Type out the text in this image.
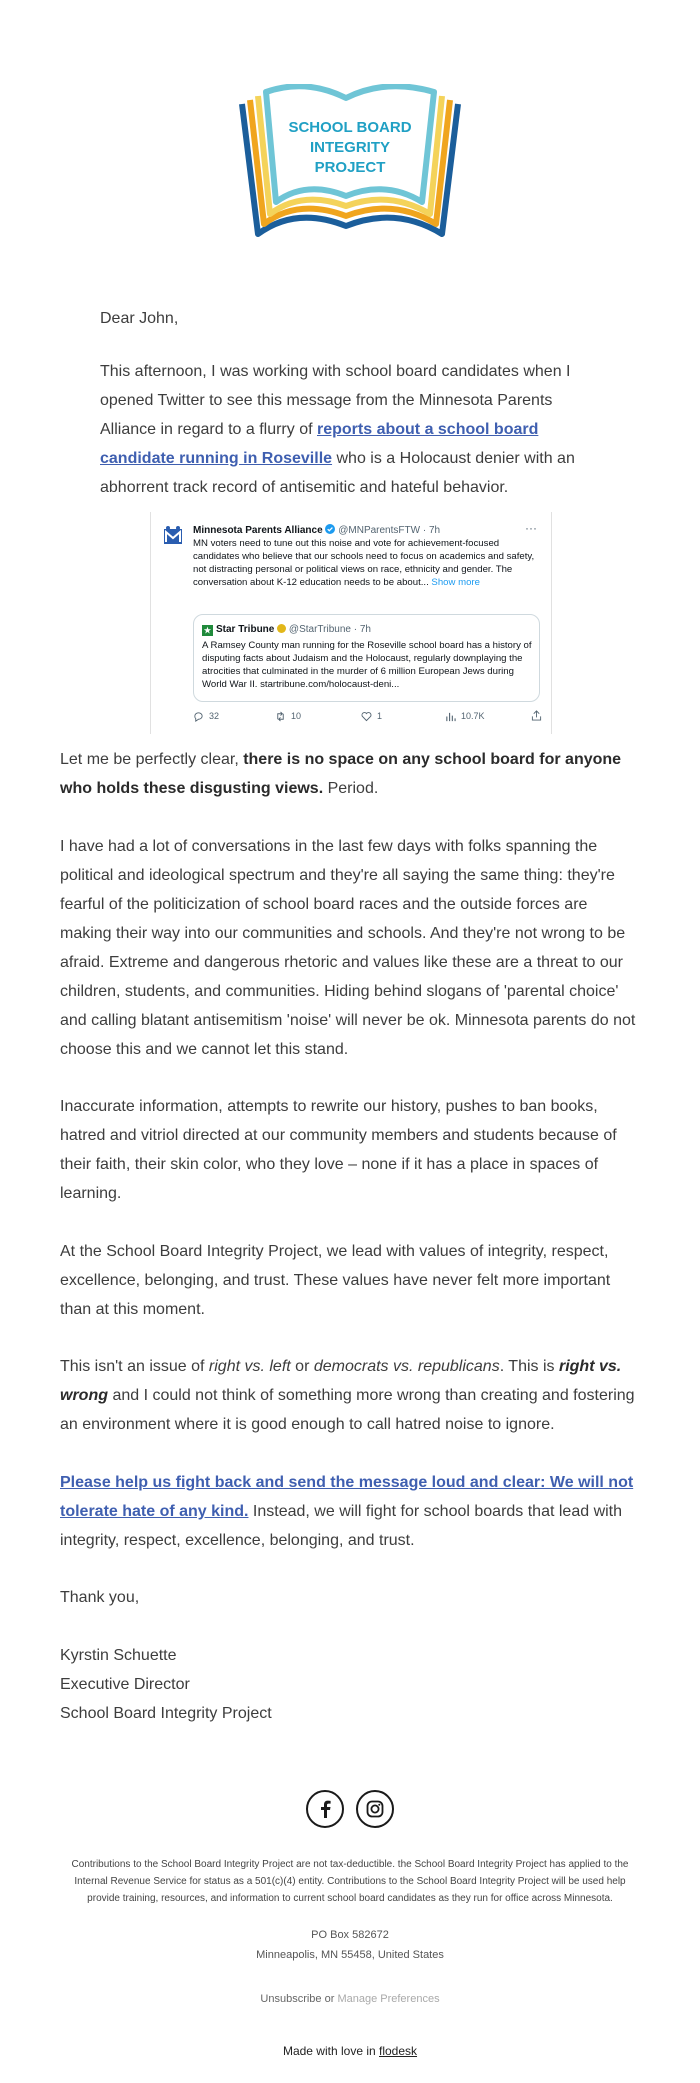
SCHOOL BOARD
INTEGRITY
PROJECT

Dear John,

This afternoon, I was working with school board candidates when I opened Twitter to see this message from the Minnesota Parents Alliance in regard to a flurry of reports about a school board candidate running in Roseville who is a Holocaust denier with an abhorrent track record of antisemitic and hateful behavior.

Minnesota Parents Alliance @MNParentsFTW · 7h	···
MN voters need to tune out this noise and vote for achievement-focused candidates who believe that our schools need to focus on academics and safety, not distracting personal or political views on race, ethnicity and gender. The conversation about K-12 education needs to be about... Show more
★ Star Tribune @StarTribune · 7h
A Ramsey County man running for the Roseville school board has a history of disputing facts about Judaism and the Holocaust, regularly downplaying the atrocities that culminated in the murder of 6 million European Jews during World War II. startribune.com/holocaust-deni...
32	10	1	10.7K

Let me be perfectly clear, there is no space on any school board for anyone who holds these disgusting views. Period.

I have had a lot of conversations in the last few days with folks spanning the political and ideological spectrum and they're all saying the same thing: they're fearful of the politicization of school board races and the outside forces are making their way into our communities and schools. And they're not wrong to be afraid. Extreme and dangerous rhetoric and values like these are a threat to our children, students, and communities. Hiding behind slogans of 'parental choice' and calling blatant antisemitism 'noise' will never be ok. Minnesota parents do not choose this and we cannot let this stand.

Inaccurate information, attempts to rewrite our history, pushes to ban books, hatred and vitriol directed at our community members and students because of their faith, their skin color, who they love – none if it has a place in spaces of learning.

At the School Board Integrity Project, we lead with values of integrity, respect, excellence, belonging, and trust. These values have never felt more important than at this moment.

This isn't an issue of right vs. left or democrats vs. republicans. This is right vs. wrong and I could not think of something more wrong than creating and fostering an environment where it is good enough to call hatred noise to ignore.

Please help us fight back and send the message loud and clear: We will not tolerate hate of any kind. Instead, we will fight for school boards that lead with integrity, respect, excellence, belonging, and trust.

Thank you,

Kyrstin Schuette

Executive Director

School Board Integrity Project

Contributions to the School Board Integrity Project are not tax-deductible. the School Board Integrity Project has applied to the Internal Revenue Service for status as a 501(c)(4) entity. Contributions to the School Board Integrity Project will be used help provide training, resources, and information to current school board candidates as they run for office across Minnesota.
PO Box 582672
Minneapolis, MN 55458, United States
Unsubscribe or Manage Preferences
Made with love in flodesk
